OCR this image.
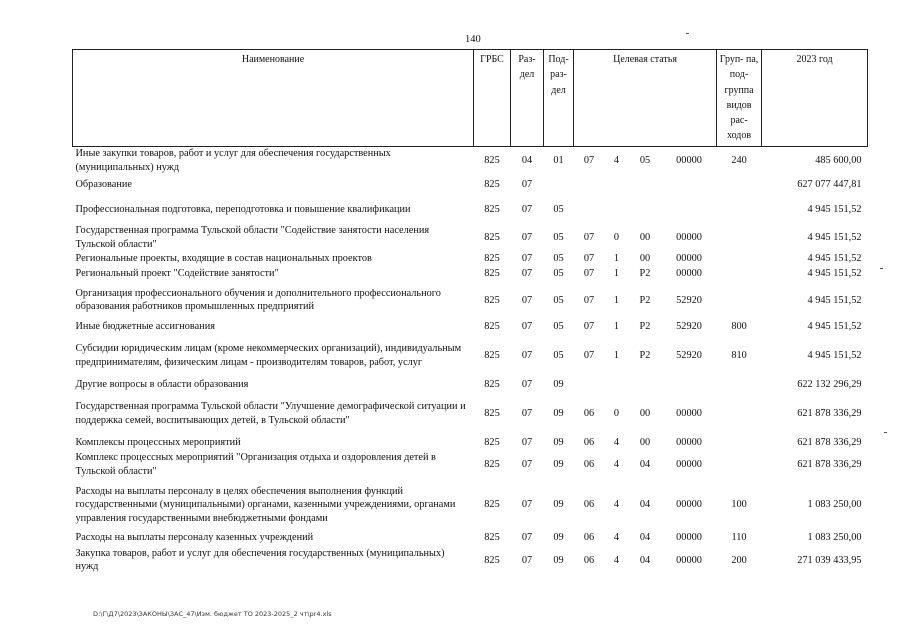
140
Наименование	ГРБС	Раз- дел	Под- раз- дел	Целевая статья				Груп- па, под- группа видов рас- ходов	2023 год
Иные закупки товаров, работ и услуг для обеспечения государственных (муниципальных) нужд	825	04	01	07	4	05	00000	240	485 600,00
Образование	825	07							627 077 447,81
Профессиональная подготовка, переподготовка и повышение квалификации	825	07	05						4 945 151,52
Государственная программа Тульской области "Содействие занятости населения Тульской области"	825	07	05	07	0	00	00000		4 945 151,52
Региональные проекты, входящие в состав национальных проектов	825	07	05	07	1	00	00000		4 945 151,52
Региональный проект "Содействие занятости"	825	07	05	07	1	P2	00000		4 945 151,52
Организация профессионального обучения и дополнительного профессионального образования работников промышленных предприятий	825	07	05	07	1	P2	52920		4 945 151,52
Иные бюджетные ассигнования	825	07	05	07	1	P2	52920	800	4 945 151,52
Субсидии юридическим лицам (кроме некоммерческих организаций), индивидуальным предпринимателям, физическим лицам - производителям товаров, работ, услуг	825	07	05	07	1	P2	52920	810	4 945 151,52
Другие вопросы в области образования	825	07	09						622 132 296,29
Государственная программа Тульской области "Улучшение демографической ситуации и поддержка семей, воспитывающих детей, в Тульской области"	825	07	09	06	0	00	00000		621 878 336,29
Комплексы процессных мероприятий	825	07	09	06	4	00	00000		621 878 336,29
Комплекс процессных мероприятий "Организация отдыха и оздоровления детей в Тульской области"	825	07	09	06	4	04	00000		621 878 336,29
Расходы на выплаты персоналу в целях обеспечения выполнения функций государственными (муниципальными) органами, казенными учреждениями, органами управления государственными внебюджетными фондами	825	07	09	06	4	04	00000	100	1 083 250,00
Расходы на выплаты персоналу казенных учреждений	825	07	09	06	4	04	00000	110	1 083 250,00
Закупка товаров, работ и услуг для обеспечения государственных (муниципальных) нужд	825	07	09	06	4	04	00000	200	271 039 433,95
D:\Г\Д7\2023\ЗАКОНЫ\ЗАС_47\Изм. бюджет ТО 2023-2025_2 чт\pr4.xls
